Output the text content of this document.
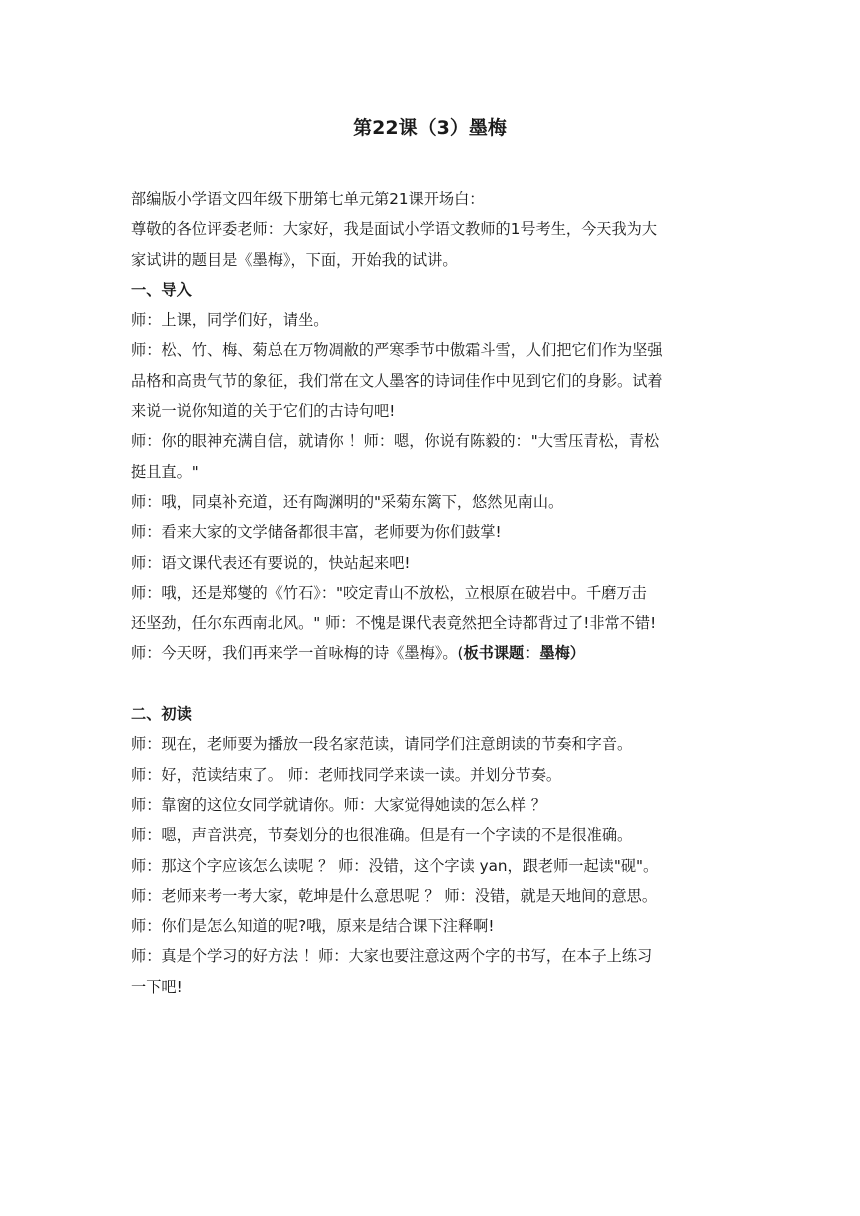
第22课（3）墨梅
部编版小学语文四年级下册第七单元第21课开场白：
尊敬的各位评委老师：大家好，我是面试小学语文教师的1号考生，今天我为大
家试讲的题目是《墨梅》，下面，开始我的试讲。
一、导入
师：上课，同学们好，请坐。
师：松、竹、梅、菊总在万物凋敝的严寒季节中傲霜斗雪，人们把它们作为坚强
品格和高贵气节的象征，我们常在文人墨客的诗词佳作中见到它们的身影。试着
来说一说你知道的关于它们的古诗句吧!
师：你的眼神充满自信，就请你 ！师：嗯，你说有陈毅的："大雪压青松，青松
挺且直。"
师：哦，同桌补充道，还有陶渊明的"采菊东篱下，悠然见南山。
师：看来大家的文学储备都很丰富，老师要为你们鼓掌!
师：语文课代表还有要说的，快站起来吧!
师：哦，还是郑燮的《竹石》："咬定青山不放松，立根原在破岩中。千磨万击
还坚劲，任尔东西南北风。" 师：不愧是课代表竟然把全诗都背过了!非常不错!
师：今天呀，我们再来学一首咏梅的诗《墨梅》。(板书课题：墨梅）
二、初读
师：现在，老师要为播放一段名家范读，请同学们注意朗读的节奏和字音。
师：好，范读结束了。 师：老师找同学来读一读。并划分节奏。
师：靠窗的这位女同学就请你。师：大家觉得她读的怎么样 ？
师：嗯，声音洪亮，节奏划分的也很准确。但是有一个字读的不是很准确。
师：那这个字应该怎么读呢 ？ 师：没错，这个字读 yan，跟老师一起读"砚"。
师：老师来考一考大家，乾坤是什么意思呢 ？ 师：没错，就是天地间的意思。
师：你们是怎么知道的呢?哦，原来是结合课下注释啊!
师：真是个学习的好方法 ！师：大家也要注意这两个字的书写，在本子上练习
一下吧!
